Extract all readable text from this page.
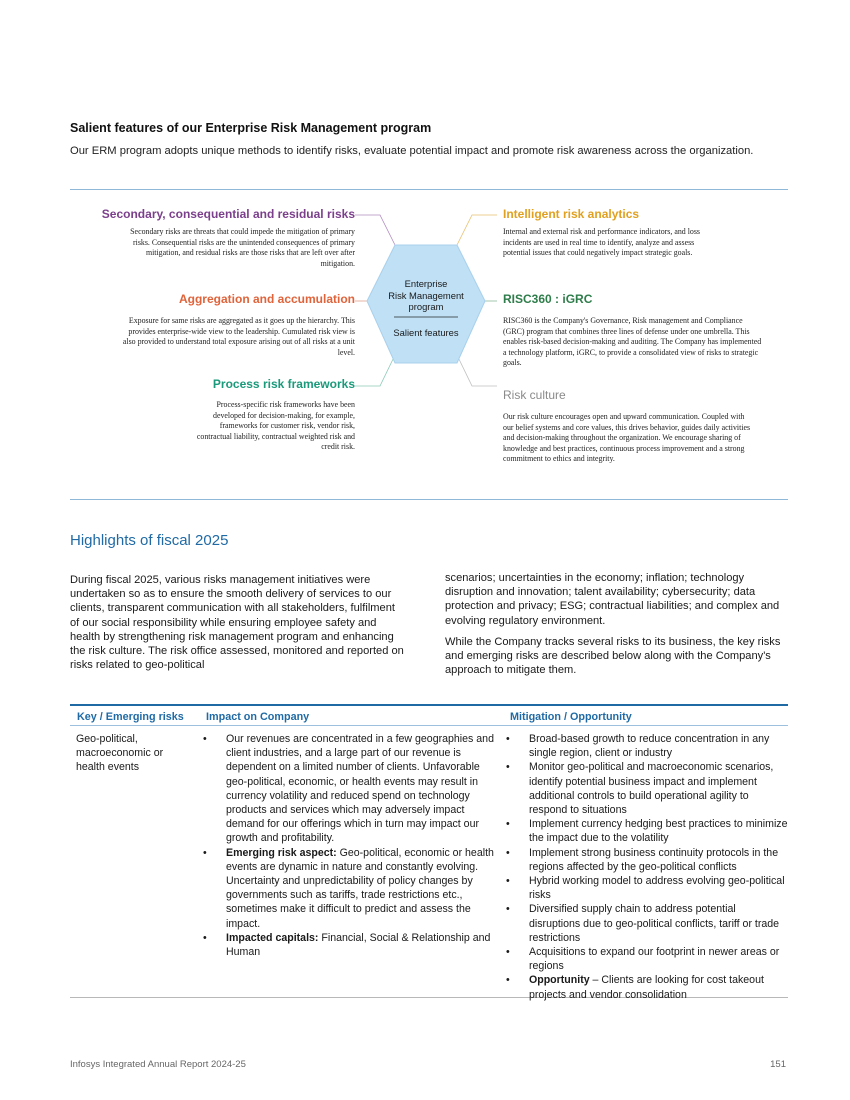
Salient features of our Enterprise Risk Management program
Our ERM program adopts unique methods to identify risks, evaluate potential impact and promote risk awareness across the organization.
Secondary, consequential and residual risks
Secondary risks are threats that could impede the mitigation of primary risks. Consequential risks are the unintended consequences of primary mitigation, and residual risks are those risks that are left over after mitigation.
Aggregation and accumulation
Exposure for same risks are aggregated as it goes up the hierarchy. This provides enterprise-wide view to the leadership. Cumulated risk view is also provided to understand total exposure arising out of all risks at a unit level.
Process risk frameworks
Process-specific risk frameworks have been developed for decision-making, for example, frameworks for customer risk, vendor risk, contractual liability, contractual weighted risk and credit risk.
Intelligent risk analytics
Internal and external risk and performance indicators, and loss incidents are used in real time to identify, analyze and assess potential issues that could negatively impact strategic goals.
RISC360 : iGRC
RISC360 is the Company's Governance, Risk management and Compliance (GRC) program that combines three lines of defense under one umbrella. This enables risk-based decision-making and auditing. The Company has implemented a technology platform, iGRC, to provide a consolidated view of risks to strategic goals.
Risk culture
Our risk culture encourages open and upward communication. Coupled with our belief systems and core values, this drives behavior, guides daily activities and decision-making throughout the organization. We encourage sharing of knowledge and best practices, continuous process improvement and a strong commitment to ethics and integrity.
Enterprise
Risk Management
program
Salient features
Highlights of fiscal 2025

During fiscal 2025, various risks management initiatives were undertaken so as to ensure the smooth delivery of services to our clients, transparent communication with all stakeholders, fulfilment of our social responsibility while ensuring employee safety and health by strengthening risk management program and enhancing the risk culture. The risk office assessed, monitored and reported on risks related to geo-political

scenarios; uncertainties in the economy; inflation; technology disruption and innovation; talent availability; cybersecurity; data protection and privacy; ESG; contractual liabilities; and complex and evolving regulatory environment.

While the Company tracks several risks to its business, the key risks and emerging risks are described below along with the Company's approach to mitigate them.

Key / Emerging risks Impact on Company	Mitigation / Opportunity
Geo-political, macroeconomic or health events
• Our revenues are concentrated in a few geographies and client industries, and a large part of our revenue is dependent on a limited number of clients. Unfavorable geo-political, economic, or health events may result in currency volatility and reduced spend on technology products and services which may adversely impact demand for our offerings which in turn may impact our growth and profitability.
• Emerging risk aspect: Geo-political, economic or health events are dynamic in nature and constantly evolving. Uncertainty and unpredictability of policy changes by governments such as tariffs, trade restrictions etc., sometimes make it difficult to predict and assess the impact.
• Impacted capitals: Financial, Social & Relationship and Human
• Broad-based growth to reduce concentration in any single region, client or industry
• Monitor geo-political and macroeconomic scenarios, identify potential business impact and implement additional controls to build operational agility to respond to situations
• Implement currency hedging best practices to minimize the impact due to the volatility
• Implement strong business continuity protocols in the regions affected by the geo-political conflicts
• Hybrid working model to address evolving geo-political risks
• Diversified supply chain to address potential disruptions due to geo-political conflicts, tariff or trade restrictions
• Acquisitions to expand our footprint in newer areas or regions
• Opportunity – Clients are looking for cost takeout projects and vendor consolidation
Infosys Integrated Annual Report 2024-25	151
